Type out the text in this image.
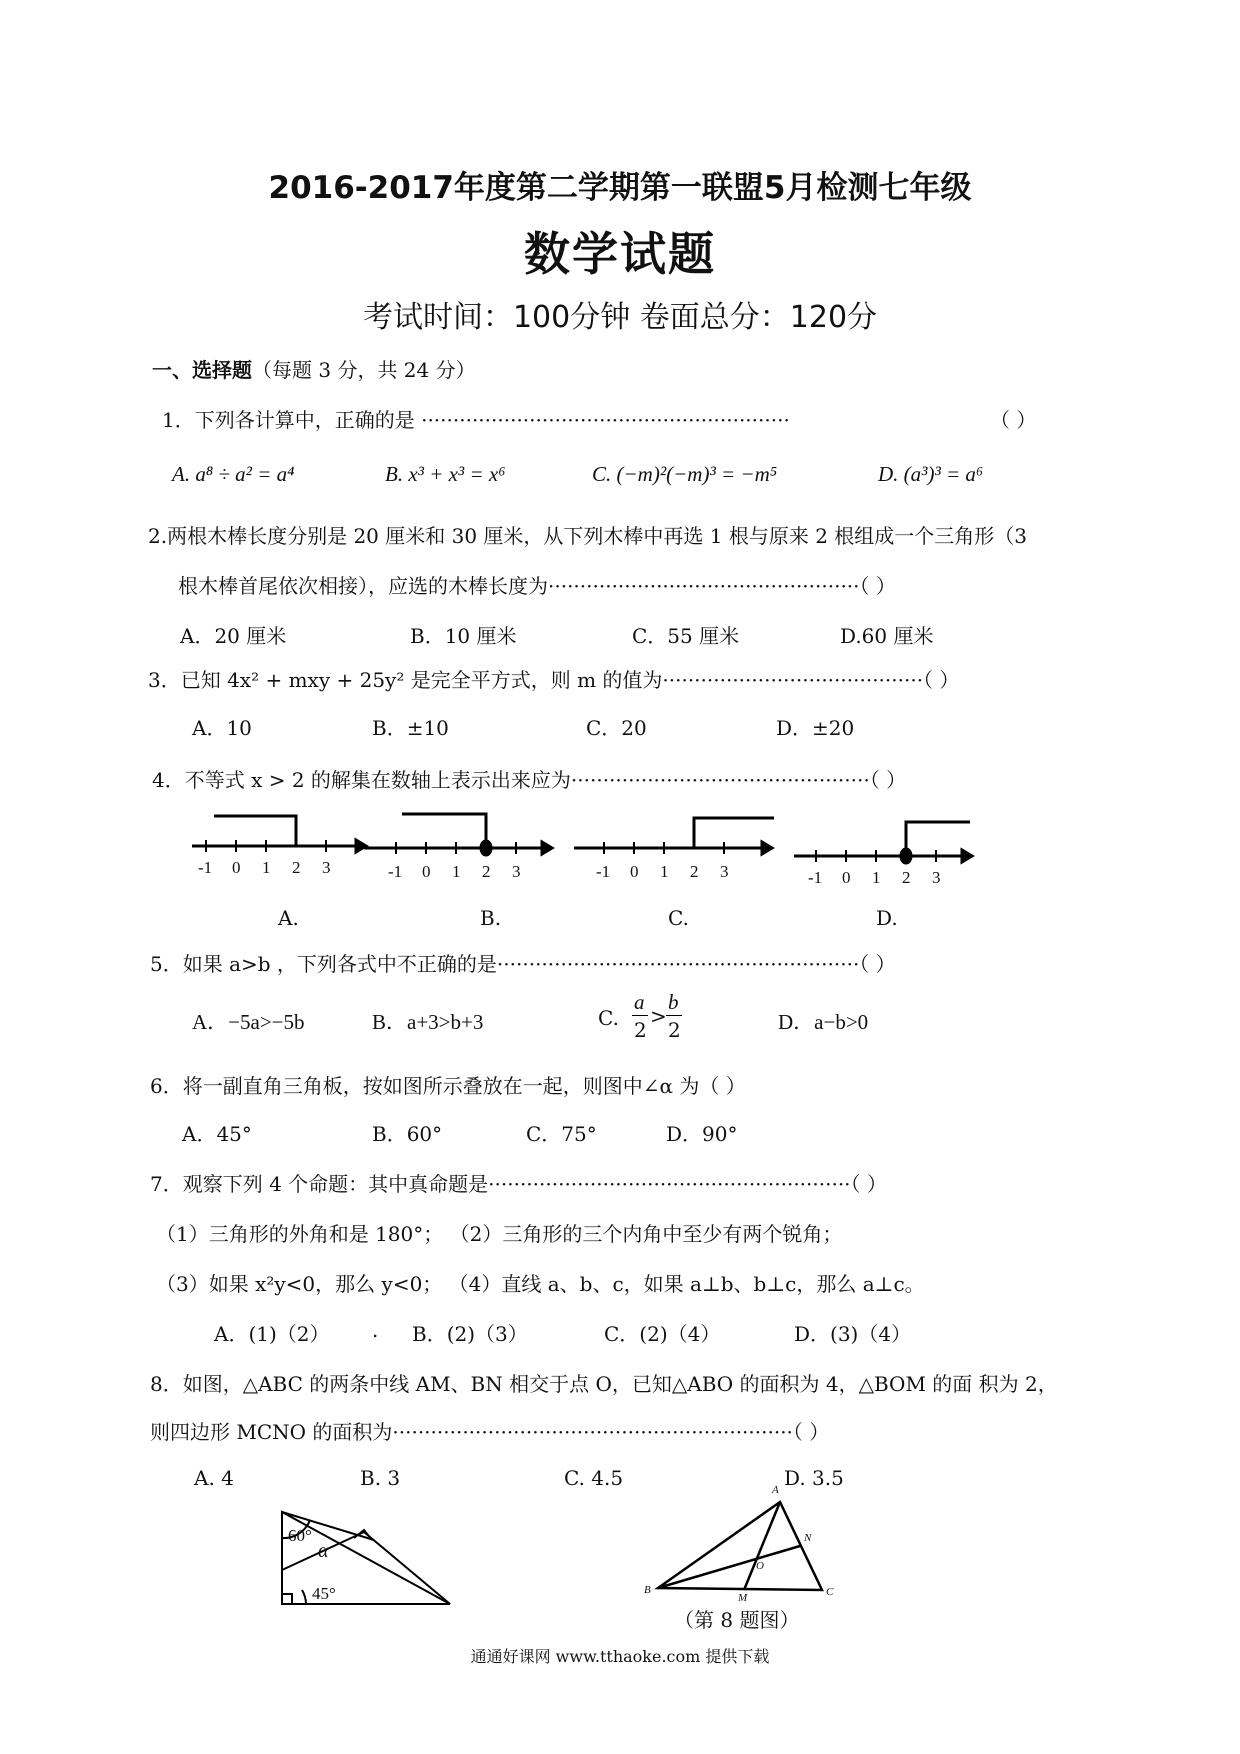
2016-2017年度第二学期第一联盟5月检测七年级
数学试题
考试时间：100分钟 卷面总分：120分
一、选择题（每题 3 分，共 24 分）
1．下列各计算中，正确的是 ··························································	（ ）
A. a⁸ ÷ a² = a⁴	B. x³ + x³ = x⁶	C. (−m)²(−m)³ = −m⁵	D. (a³)³ = a⁶
2.两根木棒长度分别是 20 厘米和 30 厘米，从下列木棒中再选 1 根与原来 2 根组成一个三角形（3
根木棒首尾依次相接），应选的木棒长度为·················································（ ）
A．20 厘米	B．10 厘米	C．55 厘米	D.60 厘米
3．已知 4x² + mxy + 25y² 是完全平方式，则 m 的值为·········································（ ）
A．10	B．±10	C．20	D．±20
4．不等式 x > 2 的解集在数轴上表示出来应为···············································（ ）
-1 0 1 2 3	-1 0 1 2 3	-1 0 1 2 3	-1 0 1 2 3
A.	B.	C.	D.
5．如果 a>b ，下列各式中不正确的是·························································（ ）
A．−5a>−5b	B．a+3>b+3	C.
a
2
>
b
2	D．a−b>0
6．将一副直角三角板，按如图所示叠放在一起，则图中∠α 为（ ）
A．45°	B．60°	C．75°	D．90°
7．观察下列 4 个命题：其中真命题是·························································（ ）
（1）三角形的外角和是 180°； （2）三角形的三个内角中至少有两个锐角；
（3）如果 x²y<0，那么 y<0； （4）直线 a、b、c，如果 a⊥b、b⊥c，那么 a⊥c。
A．(1)（2） . B．(2)（3）	C．(2)（4）	D．(3)（4）
8．如图，△ABC 的两条中线 AM、BN 相交于点 O，已知△ABO 的面积为 4，△BOM 的面 积为 2，
则四边形 MCNO 的面积为·······························································（ ）
A. 4	B. 3	C. 4.5	D. 3.5
60°
α
45°
A
B	C
M
N
O
（第 8 题图）
通通好课网 www.tthaoke.com 提供下载
